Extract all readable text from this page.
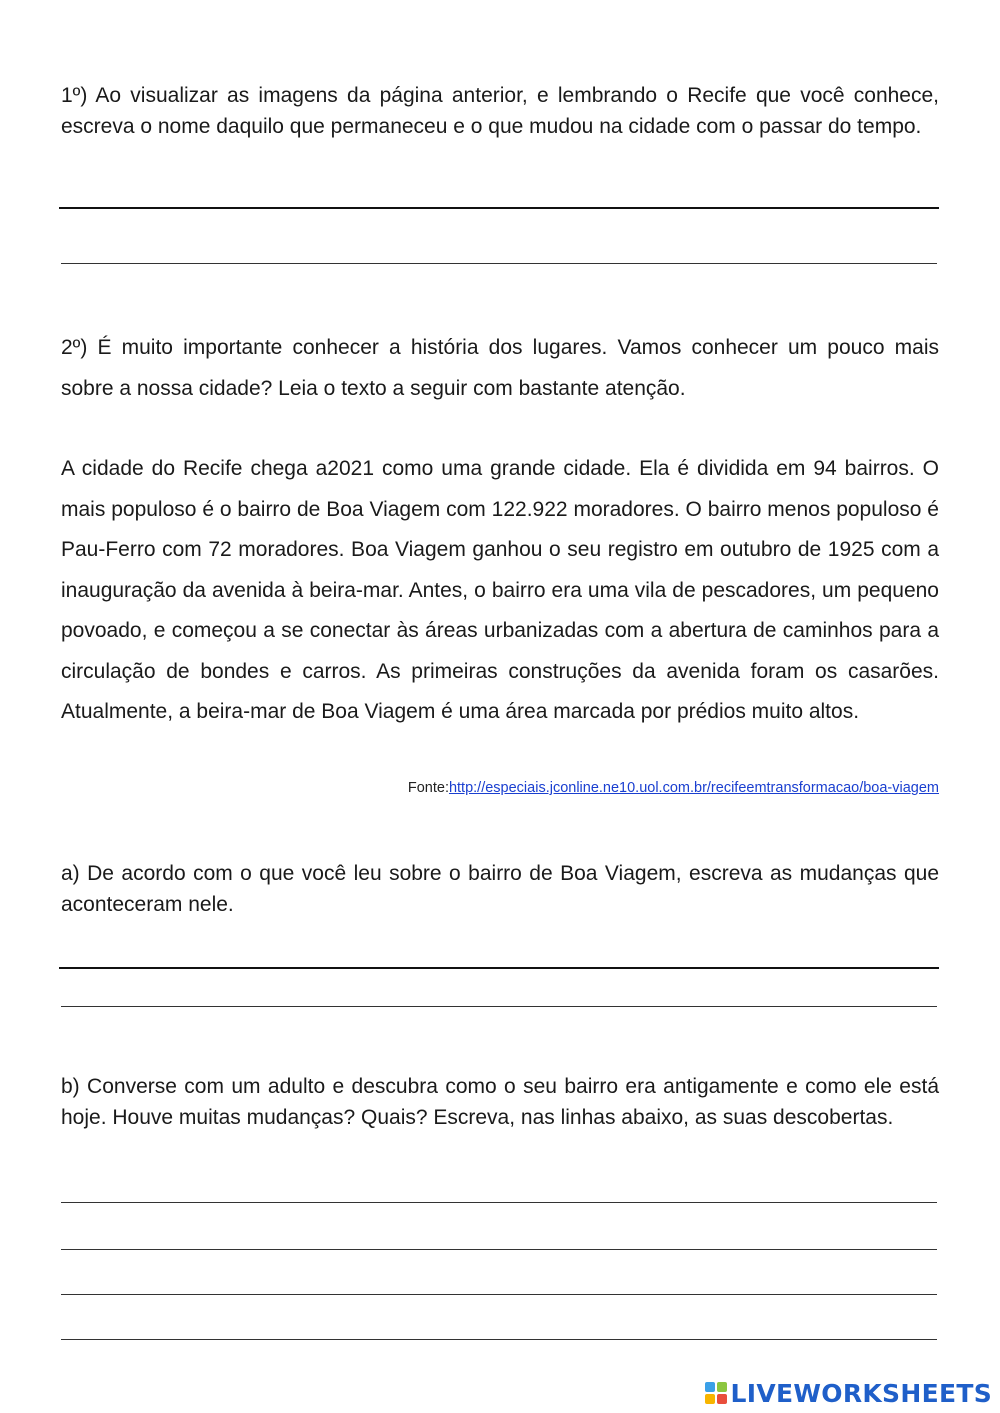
1º) Ao visualizar as imagens da página anterior, e lembrando o Recife que você conhece, escreva o nome daquilo que permaneceu e o que mudou na cidade com o passar do tempo.
2º) É muito importante conhecer a história dos lugares. Vamos conhecer um pouco mais sobre a nossa cidade? Leia o texto a seguir com bastante atenção.
A cidade do Recife chega a2021 como uma grande cidade. Ela é dividida em 94 bairros. O mais populoso é o bairro de Boa Viagem com 122.922 moradores. O bairro menos populoso é Pau-Ferro com 72 moradores. Boa Viagem ganhou o seu registro em outubro de 1925 com a inauguração da avenida à beira-mar. Antes, o bairro era uma vila de pescadores, um pequeno povoado, e começou a se conectar às áreas urbanizadas com a abertura de caminhos para a circulação de bondes e carros. As primeiras construções da avenida foram os casarões. Atualmente, a beira-mar de Boa Viagem é uma área marcada por prédios muito altos.
Fonte:http://especiais.jconline.ne10.uol.com.br/recifeemtransformacao/boa-viagem
a) De acordo com o que você leu sobre o bairro de Boa Viagem, escreva as mudanças que aconteceram nele.
b) Converse com um adulto e descubra como o seu bairro era antigamente e como ele está hoje. Houve muitas mudanças? Quais? Escreva, nas linhas abaixo, as suas descobertas.
LIVEWORKSHEETS
